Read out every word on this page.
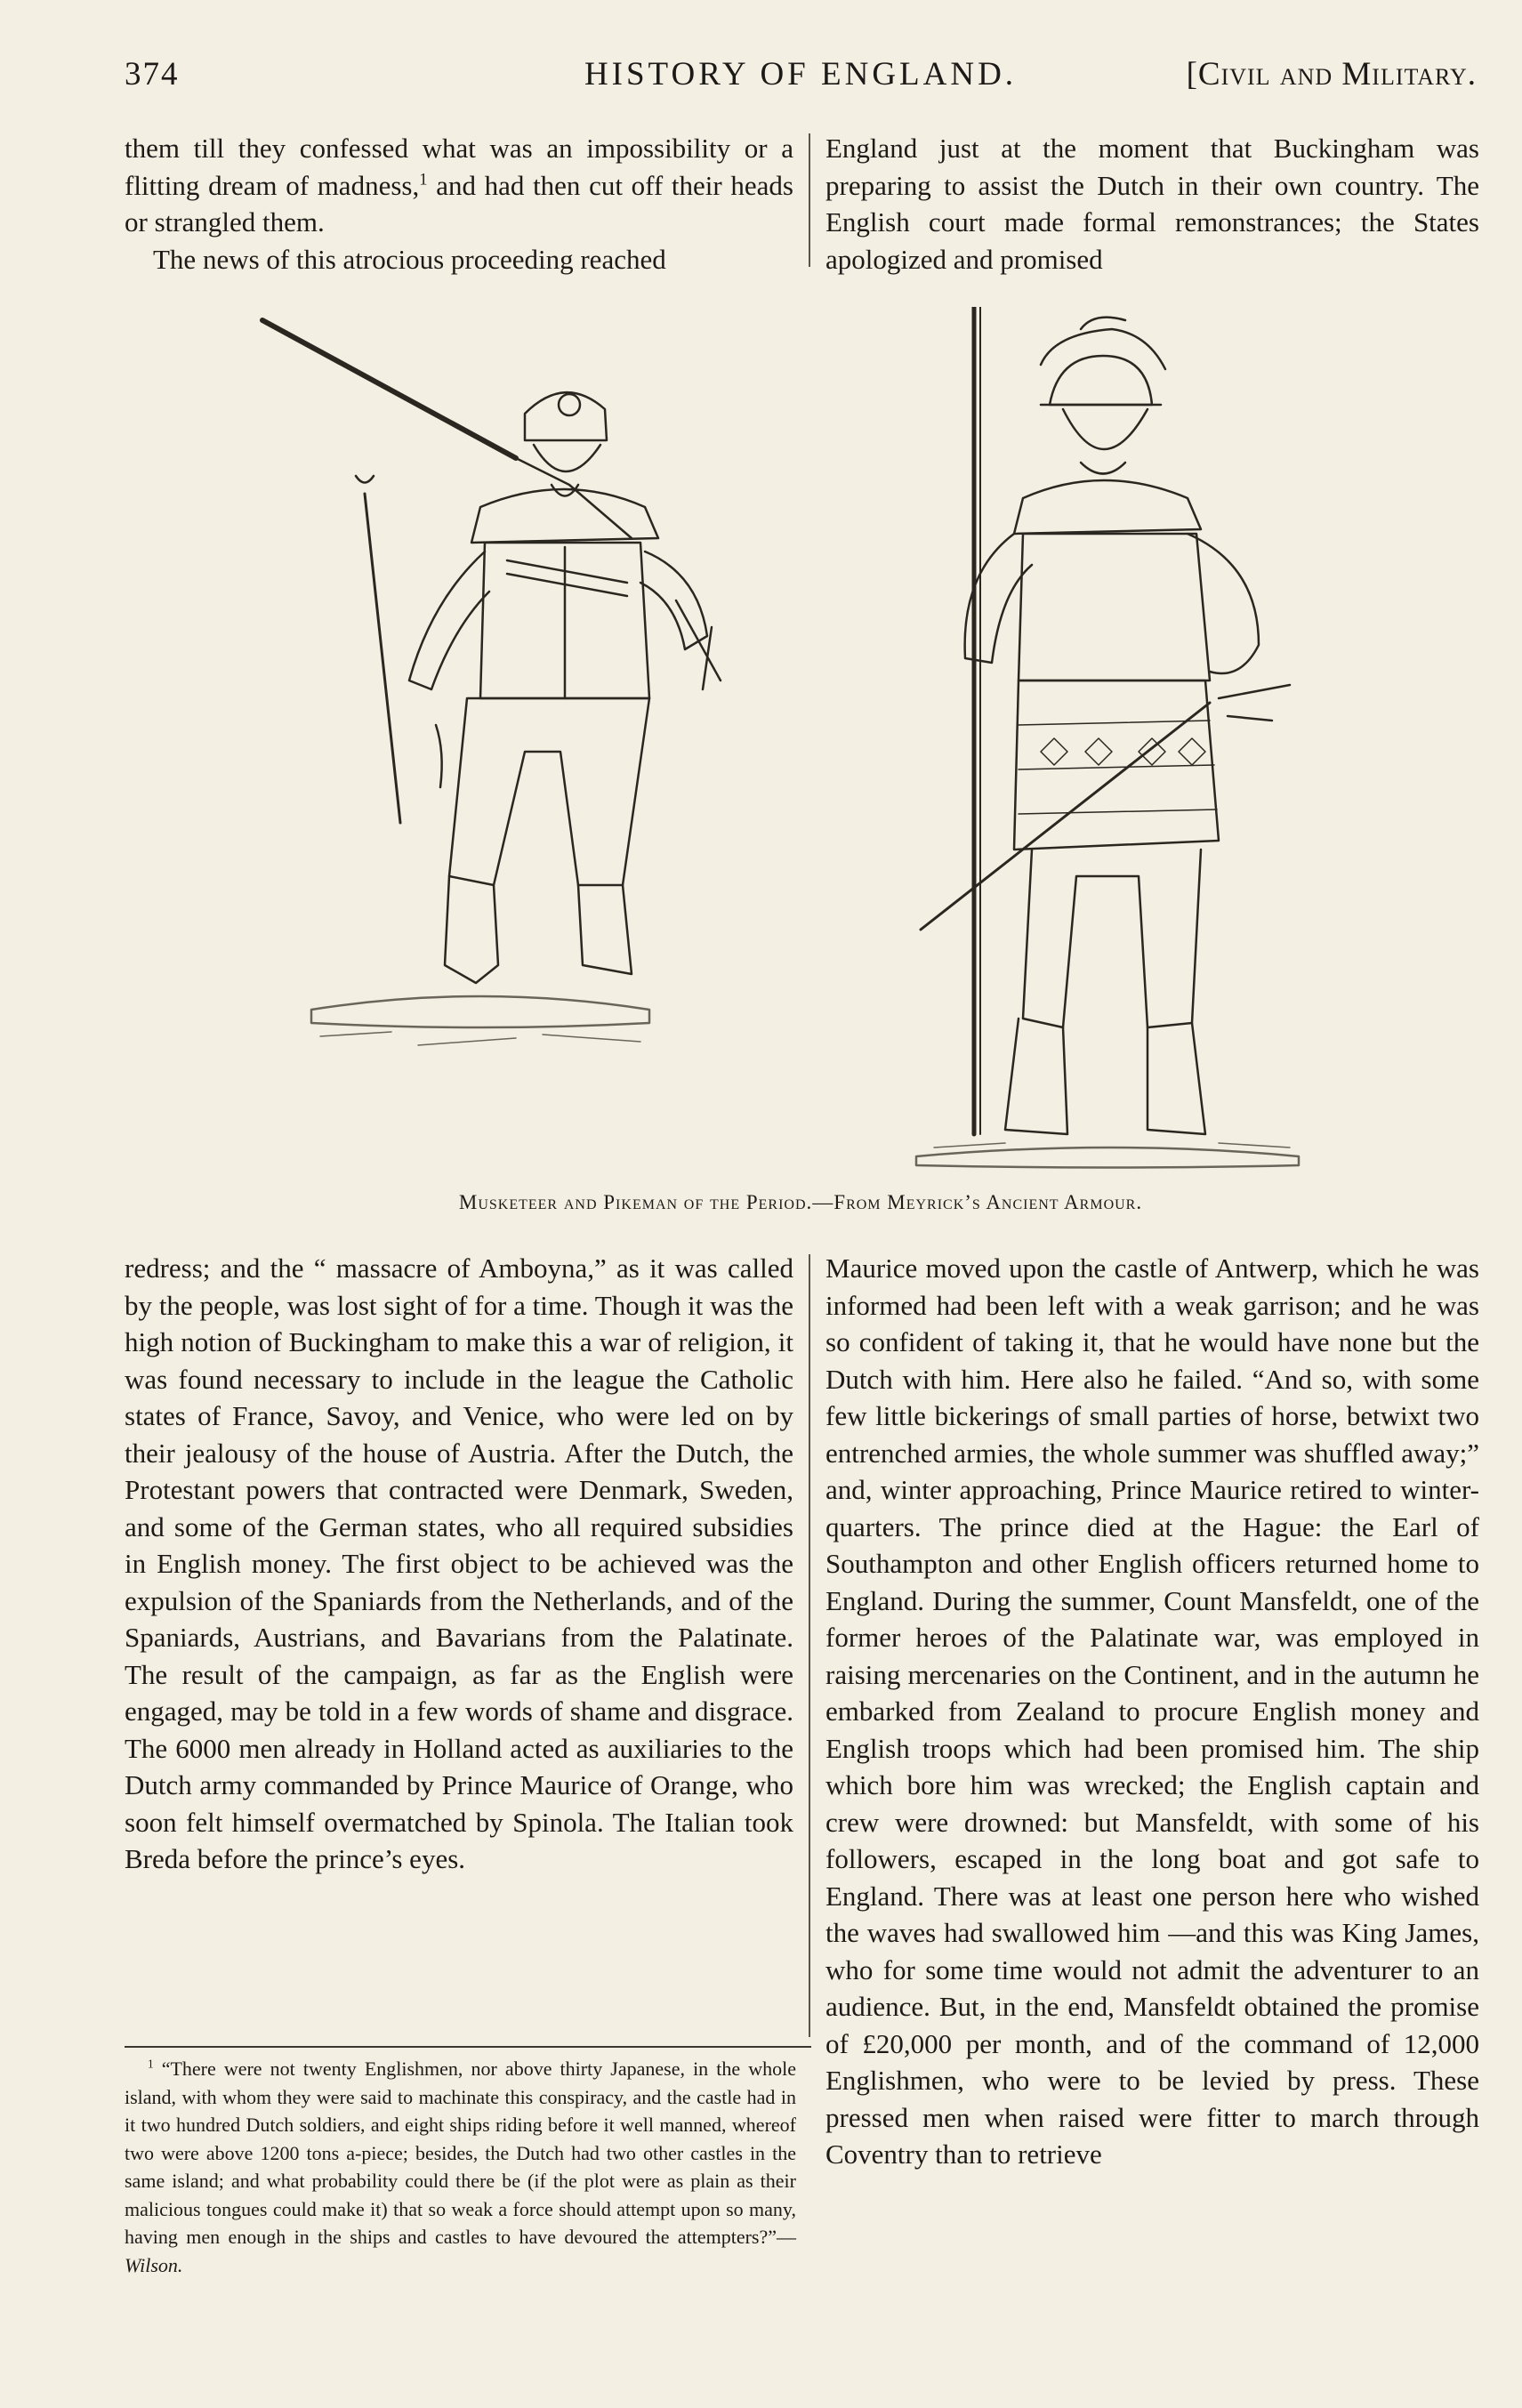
374	HISTORY OF ENGLAND.	[Civil and Military.

them till they confessed what was an impossibility or a flitting dream of madness,$^1$ and had then cut off their heads or strangled them.

The news of this atrocious proceeding reached

England just at the moment that Buckingham was preparing to assist the Dutch in their own country. The English court made formal remonstrances; the States apologized and promised

Musketeer and Pikeman of the Period.—From Meyrick’s Ancient Armour.

redress; and the “ massacre of Amboyna,” as it was called by the people, was lost sight of for a time. Though it was the high notion of Buckingham to make this a war of religion, it was found necessary to include in the league the Catholic states of France, Savoy, and Venice, who were led on by their jealousy of the house of Austria. After the Dutch, the Protestant powers that contracted were Denmark, Sweden, and some of the German states, who all required subsidies in English money. The first object to be achieved was the expulsion of the Spaniards from the Netherlands, and of the Spaniards, Austrians, and Bavarians from the Palatinate. The result of the campaign, as far as the English were engaged, may be told in a few words of shame and disgrace. The 6000 men already in Holland acted as auxiliaries to the Dutch army commanded by Prince Maurice of Orange, who soon felt himself overmatched by Spinola. The Italian took Breda before the prince’s eyes.

Maurice moved upon the castle of Antwerp, which he was informed had been left with a weak garrison; and he was so confident of taking it, that he would have none but the Dutch with him. Here also he failed. “And so, with some few little bickerings of small parties of horse, betwixt two entrenched armies, the whole summer was shuffled away;” and, winter approaching, Prince Maurice retired to winter-quarters. The prince died at the Hague: the Earl of Southampton and other English officers returned home to England. During the summer, Count Mansfeldt, one of the former heroes of the Palatinate war, was employed in raising mercenaries on the Continent, and in the autumn he embarked from Zealand to procure English money and English troops which had been promised him. The ship which bore him was wrecked; the English captain and crew were drowned: but Mansfeldt, with some of his followers, escaped in the long boat and got safe to England. There was at least one person here who wished the waves had swallowed him —and this was King James, who for some time would not admit the adventurer to an audience. But, in the end, Mansfeldt obtained the promise of £20,000 per month, and of the command of 12,000 Englishmen, who were to be levied by press. These pressed men when raised were fitter to march through Coventry than to retrieve

$^1$ “There were not twenty Englishmen, nor above thirty Japanese, in the whole island, with whom they were said to machinate this conspiracy, and the castle had in it two hundred Dutch soldiers, and eight ships riding before it well manned, whereof two were above 1200 tons a-piece; besides, the Dutch had two other castles in the same island; and what probability could there be (if the plot were as plain as their malicious tongues could make it) that so weak a force should attempt upon so many, having men enough in the ships and castles to have devoured the attempters?”—Wilson.
